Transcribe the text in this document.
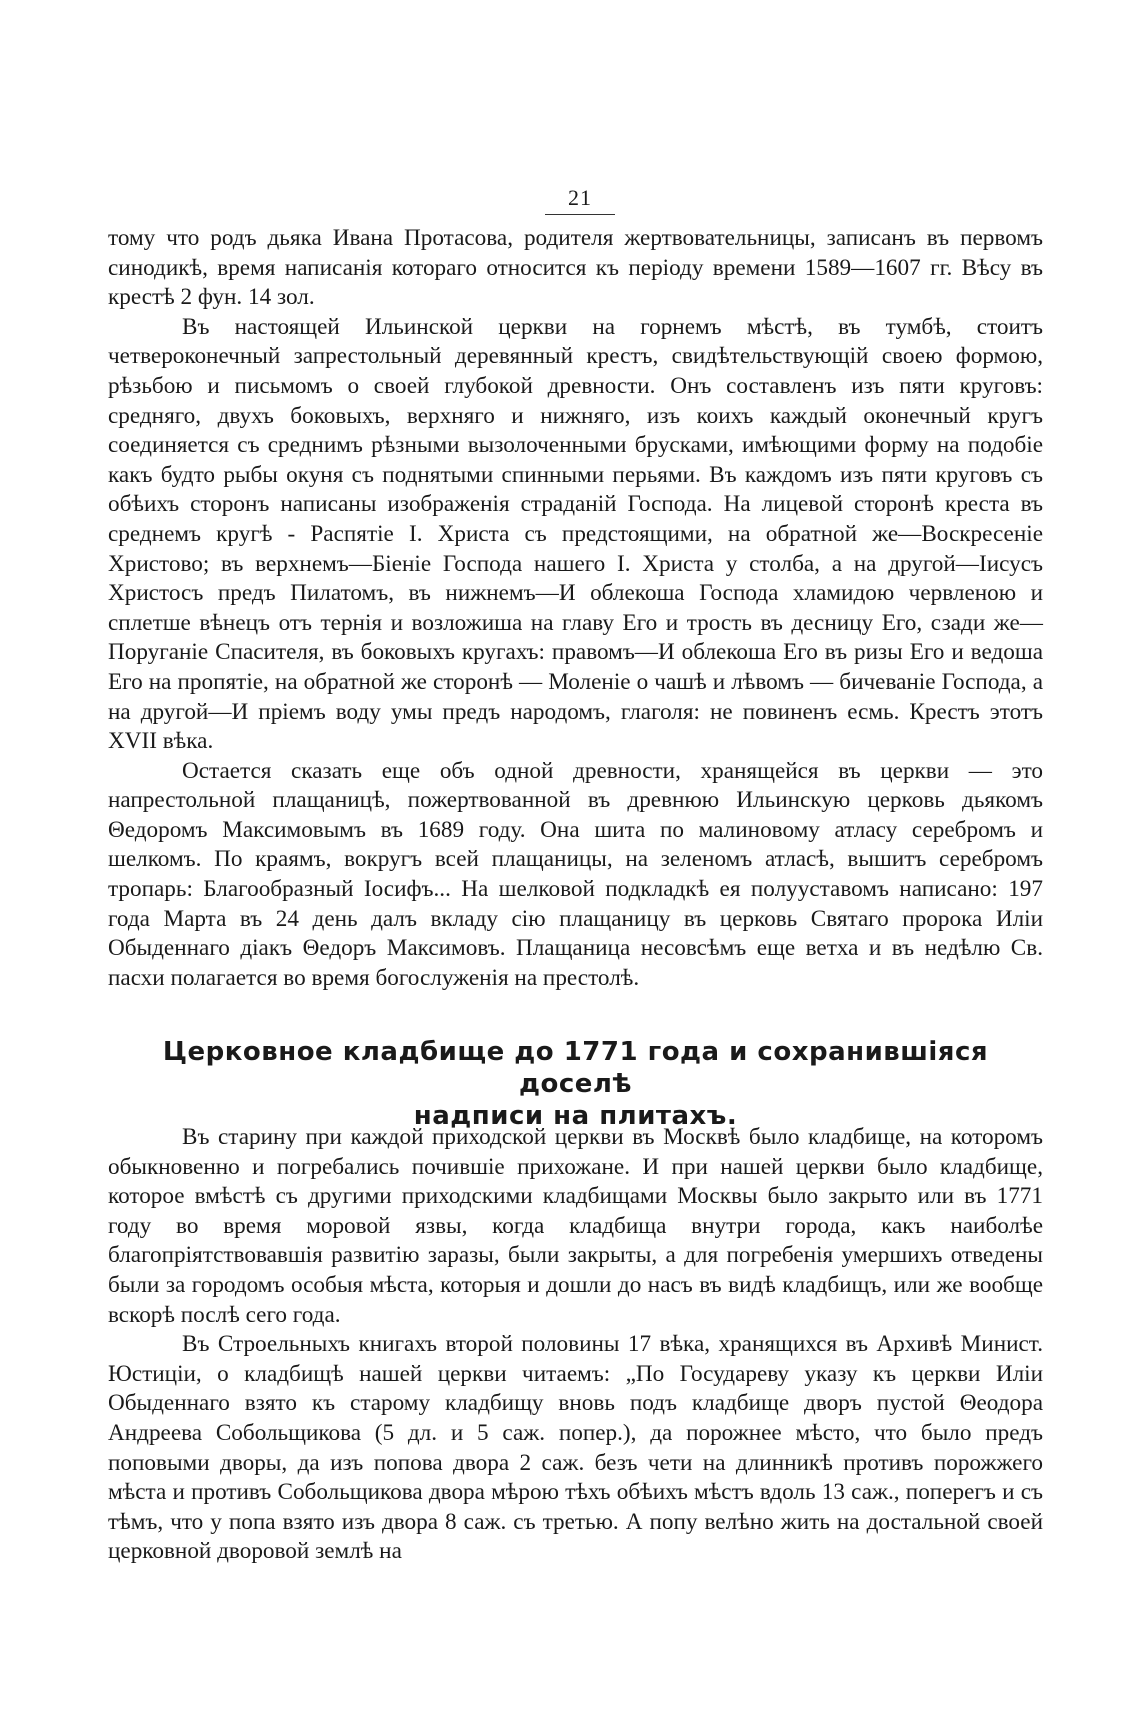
21

тому что родъ дьяка Ивана Протасова, родителя жертвовательницы, записанъ въ первомъ синодикѣ, время написанія котораго относится къ періоду времени 1589—1607 гг. Вѣсу въ крестѣ 2 фун. 14 зол.

Въ настоящей Ильинской церкви на горнемъ мѣстѣ, въ тумбѣ, стоитъ четвероконечный запрестольный деревянный крестъ, свидѣтельствующій своею формою, рѣзьбою и письмомъ о своей глубокой древности. Онъ составленъ изъ пяти круговъ: средняго, двухъ боковыхъ, верхняго и нижняго, изъ коихъ каждый оконечный кругъ соединяется съ среднимъ рѣзными вызолоченными брусками, имѣющими форму на подобіе какъ будто рыбы окуня съ поднятыми спинными перьями. Въ каждомъ изъ пяти круговъ съ обѣихъ сторонъ написаны изображенія страданій Господа. На лицевой сторонѣ креста въ среднемъ кругѣ - Распятіе І. Христа съ предстоящими, на обратной же—Воскресеніе Христово; въ верхнемъ—Біеніе Господа нашего І. Христа у столба, а на другой—Іисусъ Христосъ предъ Пилатомъ, въ нижнемъ—И облекоша Господа хламидою червленою и сплетше вѣнецъ отъ тернія и возложиша на главу Его и трость въ десницу Его, сзади же—Поруганіе Спасителя, въ боковыхъ кругахъ: правомъ—И облекоша Его въ ризы Его и ведоша Его на пропятіе, на обратной же сторонѣ — Моленіе о чашѣ и лѣвомъ — бичеваніе Господа, а на другой—И пріемъ воду умы предъ народомъ, глаголя: не повиненъ есмь. Крестъ этотъ XVII вѣка.

Остается сказать еще объ одной древности, хранящейся въ церкви — это напрестольной плащаницѣ, пожертвованной въ древнюю Ильинскую церковь дьякомъ Θедоромъ Максимовымъ въ 1689 году. Она шита по малиновому атласу серебромъ и шелкомъ. По краямъ, вокругъ всей плащаницы, на зеленомъ атласѣ, вышитъ серебромъ тропарь: Благообразный Іосифъ... На шелковой подкладкѣ ея полууставомъ написано: 197 года Марта въ 24 день далъ вкладу сію плащаницу въ церковь Святаго пророка Иліи Обыденнаго діакъ Θедоръ Максимовъ. Плащаница несовсѣмъ еще ветха и въ недѣлю Св. пасхи полагается во время богослуженія на престолѣ.

Церковное кладбище до 1771 года и сохранившіяся доселѣ
надписи на плитахъ.

Въ старину при каждой приходской церкви въ Москвѣ было кладбище, на которомъ обыкновенно и погребались почившіе прихожане. И при нашей церкви было кладбище, которое вмѣстѣ съ другими приходскими кладбищами Москвы было закрыто или въ 1771 году во время моровой язвы, когда кладбища внутри города, какъ наиболѣе благопріятствовавшія развитію заразы, были закрыты, а для погребенія умершихъ отведены были за городомъ особыя мѣста, которыя и дошли до насъ въ видѣ кладбищъ, или же вообще вскорѣ послѣ сего года.

Въ Строельныхъ книгахъ второй половины 17 вѣка, хранящихся въ Архивѣ Минист. Юстиціи, о кладбищѣ нашей церкви читаемъ: „По Государеву указу къ церкви Иліи Обыденнаго взято къ старому кладбищу вновь подъ кладбище дворъ пустой Θеодора Андреева Собольщикова (5 дл. и 5 саж. попер.), да порожнее мѣсто, что было предъ поповыми дворы, да изъ попова двора 2 саж. безъ чети на длинникѣ противъ порожжего мѣста и противъ Собольщикова двора мѣрою тѣхъ обѣихъ мѣстъ вдоль 13 саж., поперегъ и съ тѣмъ, что у попа взято изъ двора 8 саж. съ третью. А попу велѣно жить на достальной своей церковной дворовой землѣ на
